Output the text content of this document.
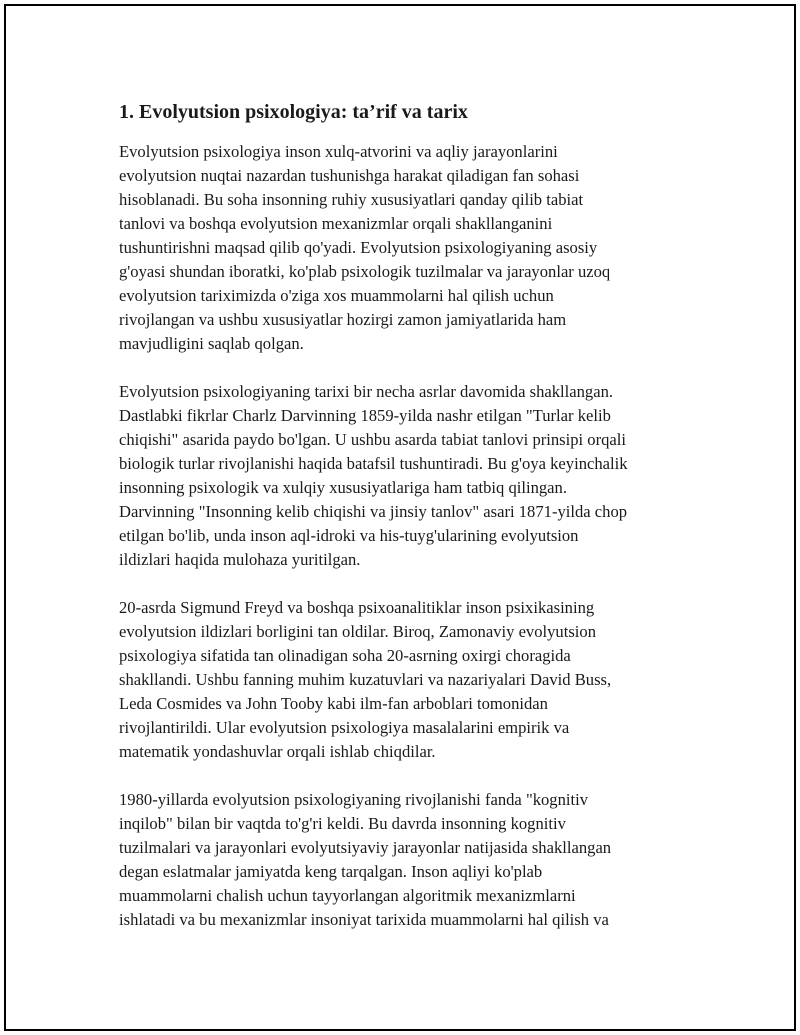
1. Evolyutsion psixologiya: ta’rif va tarix

Evolyutsion psixologiya inson xulq-atvorini va aqliy jarayonlarini
evolyutsion nuqtai nazardan tushunishga harakat qiladigan fan sohasi
hisoblanadi. Bu soha insonning ruhiy xususiyatlari qanday qilib tabiat
tanlovi va boshqa evolyutsion mexanizmlar orqali shakllanganini
tushuntirishni maqsad qilib qo'yadi. Evolyutsion psixologiyaning asosiy
g'oyasi shundan iboratki, ko'plab psixologik tuzilmalar va jarayonlar uzoq
evolyutsion tariximizda o'ziga xos muammolarni hal qilish uchun
rivojlangan va ushbu xususiyatlar hozirgi zamon jamiyatlarida ham
mavjudligini saqlab qolgan.

Evolyutsion psixologiyaning tarixi bir necha asrlar davomida shakllangan.
Dastlabki fikrlar Charlz Darvinning 1859-yilda nashr etilgan "Turlar kelib
chiqishi" asarida paydo bo'lgan. U ushbu asarda tabiat tanlovi prinsipi orqali
biologik turlar rivojlanishi haqida batafsil tushuntiradi. Bu g'oya keyinchalik
insonning psixologik va xulqiy xususiyatlariga ham tatbiq qilingan.
Darvinning "Insonning kelib chiqishi va jinsiy tanlov" asari 1871-yilda chop
etilgan bo'lib, unda inson aql-idroki va his-tuyg'ularining evolyutsion
ildizlari haqida mulohaza yuritilgan.

20-asrda Sigmund Freyd va boshqa psixoanalitiklar inson psixikasining
evolyutsion ildizlari borligini tan oldilar. Biroq, Zamonaviy evolyutsion
psixologiya sifatida tan olinadigan soha 20-asrning oxirgi choragida
shakllandi. Ushbu fanning muhim kuzatuvlari va nazariyalari David Buss,
Leda Cosmides va John Tooby kabi ilm-fan arboblari tomonidan
rivojlantirildi. Ular evolyutsion psixologiya masalalarini empirik va
matematik yondashuvlar orqali ishlab chiqdilar.

1980-yillarda evolyutsion psixologiyaning rivojlanishi fanda "kognitiv
inqilob" bilan bir vaqtda to'g'ri keldi. Bu davrda insonning kognitiv
tuzilmalari va jarayonlari evolyutsiyaviy jarayonlar natijasida shakllangan
degan eslatmalar jamiyatda keng tarqalgan. Inson aqliyi ko'plab
muammolarni chalish uchun tayyorlangan algoritmik mexanizmlarni
ishlatadi va bu mexanizmlar insoniyat tarixida muammolarni hal qilish va
